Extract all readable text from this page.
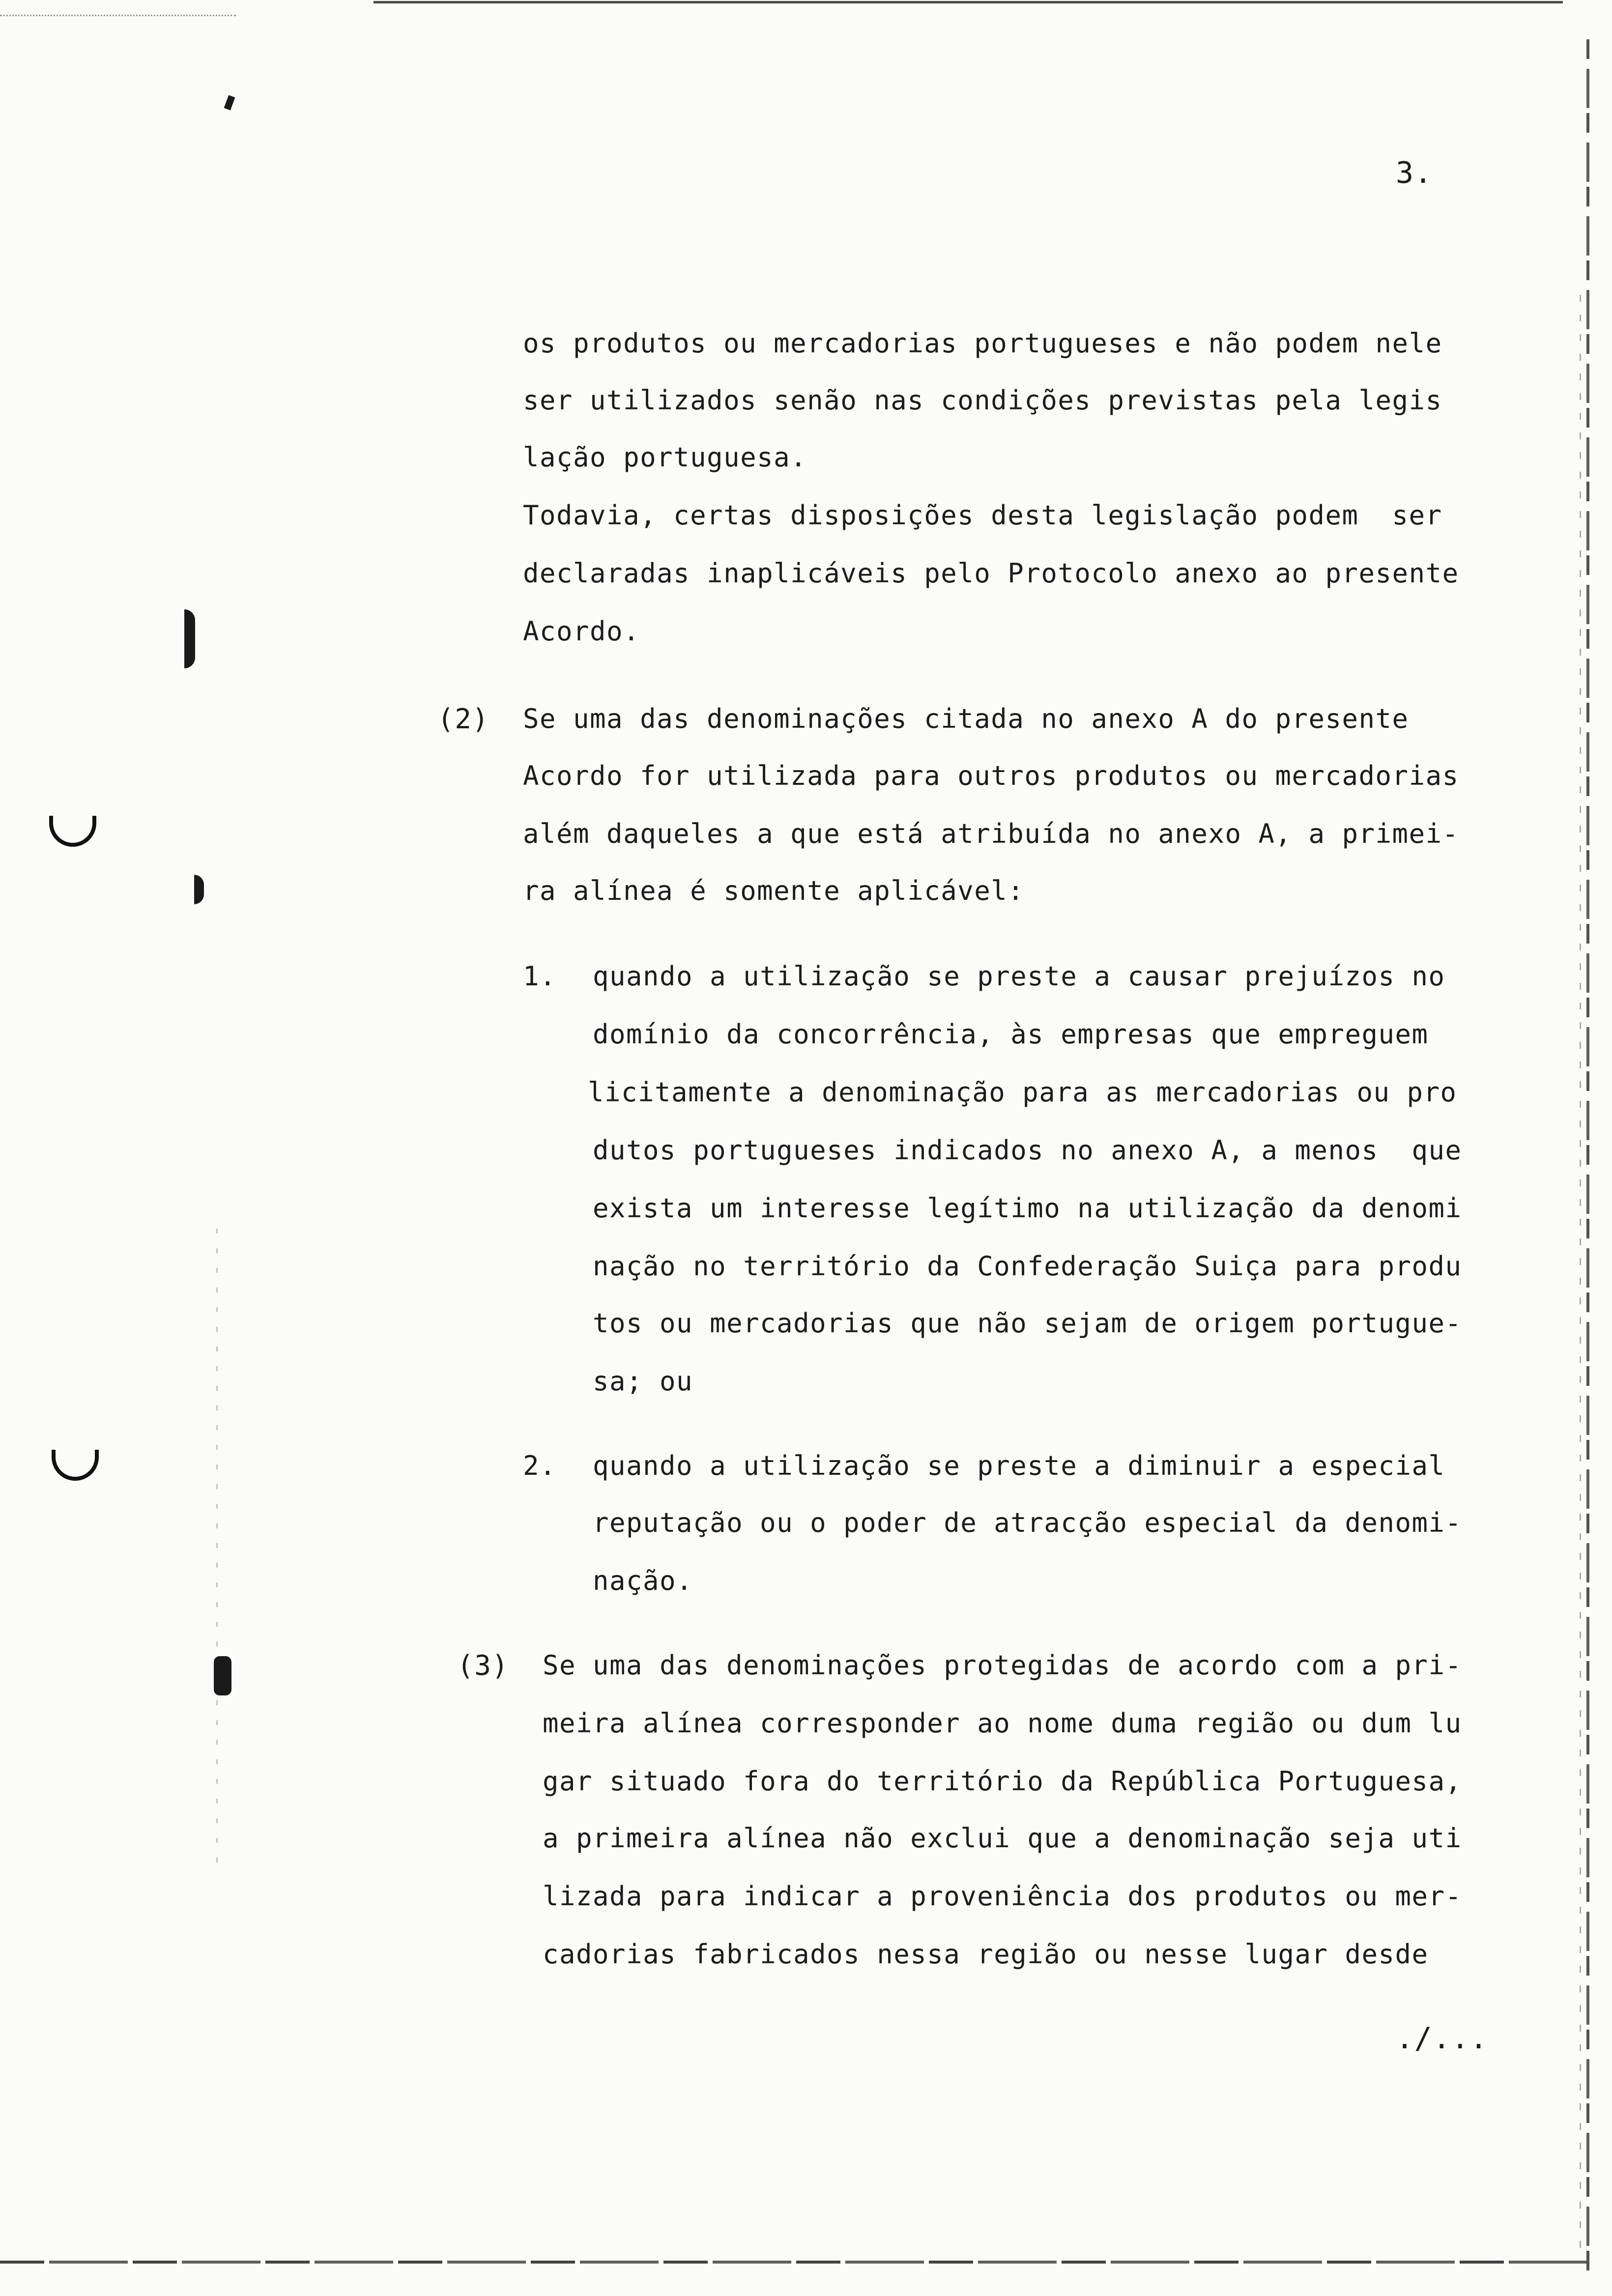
3.
os produtos ou mercadorias portugueses e não podem nele
ser utilizados senão nas condições previstas pela legis
lação portuguesa.
Todavia, certas disposições desta legislação podem  ser
declaradas inaplicáveis pelo Protocolo anexo ao presente
Acordo.
(2) Se uma das denominações citada no anexo A do presente
Acordo for utilizada para outros produtos ou mercadorias
além daqueles a que está atribuída no anexo A, a primei-
ra alínea é somente aplicável:
1. quando a utilização se preste a causar prejuízos no
domínio da concorrência, às empresas que empreguem
licitamente a denominação para as mercadorias ou pro
dutos portugueses indicados no anexo A, a menos  que
exista um interesse legítimo na utilização da denomi
nação no território da Confederação Suiça para produ
tos ou mercadorias que não sejam de origem portugue-
sa; ou
2. quando a utilização se preste a diminuir a especial
reputação ou o poder de atracção especial da denomi-
nação.
(3) Se uma das denominações protegidas de acordo com a pri-
meira alínea corresponder ao nome duma região ou dum lu
gar situado fora do território da República Portuguesa,
a primeira alínea não exclui que a denominação seja uti
lizada para indicar a proveniência dos produtos ou mer-
cadorias fabricados nessa região ou nesse lugar desde
./...
